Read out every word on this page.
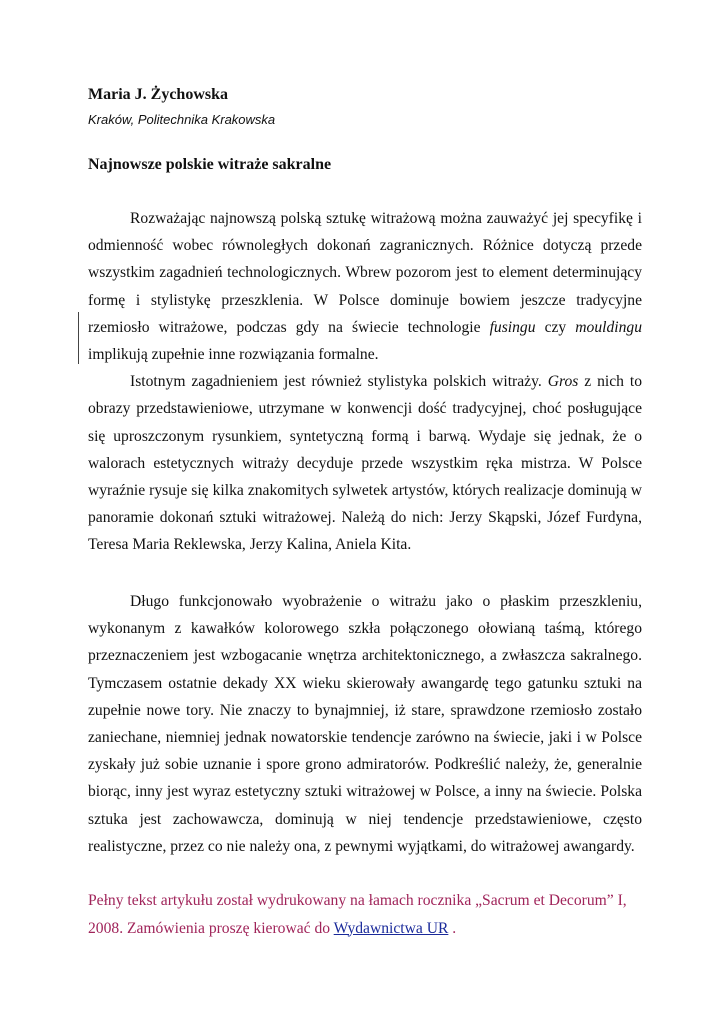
Maria J. Żychowska

Kraków, Politechnika Krakowska

Najnowsze polskie witraże sakralne

Rozważając najnowszą polską sztukę witrażową można zauważyć jej specyfikę i odmienność wobec równoległych dokonań zagranicznych. Różnice dotyczą przede wszystkim zagadnień technologicznych. Wbrew pozorom jest to element determinujący formę i stylistykę przeszklenia. W Polsce dominuje bowiem jeszcze tradycyjne rzemiosło witrażowe, podczas gdy na świecie technologie fusingu czy mouldingu implikują zupełnie inne rozwiązania formalne.

Istotnym zagadnieniem jest również stylistyka polskich witraży. Gros z nich to obrazy przedstawieniowe, utrzymane w konwencji dość tradycyjnej, choć posługujące się uproszczonym rysunkiem, syntetyczną formą i barwą. Wydaje się jednak, że o walorach estetycznych witraży decyduje przede wszystkim ręka mistrza. W Polsce wyraźnie rysuje się kilka znakomitych sylwetek artystów, których realizacje dominują w panoramie dokonań sztuki witrażowej. Należą do nich: Jerzy Skąpski, Józef Furdyna, Teresa Maria Reklewska, Jerzy Kalina, Aniela Kita.

Długo funkcjonowało wyobrażenie o witrażu jako o płaskim przeszkleniu, wykonanym z kawałków kolorowego szkła połączonego ołowianą taśmą, którego przeznaczeniem jest wzbogacanie wnętrza architektonicznego, a zwłaszcza sakralnego. Tymczasem ostatnie dekady XX wieku skierowały awangardę tego gatunku sztuki na zupełnie nowe tory. Nie znaczy to bynajmniej, iż stare, sprawdzone rzemiosło zostało zaniechane, niemniej jednak nowatorskie tendencje zarówno na świecie, jaki i w Polsce zyskały już sobie uznanie i spore grono admiratorów. Podkreślić należy, że, generalnie biorąc, inny jest wyraz estetyczny sztuki witrażowej w Polsce, a inny na świecie. Polska sztuka jest zachowawcza, dominują w niej tendencje przedstawieniowe, często realistyczne, przez co nie należy ona, z pewnymi wyjątkami, do witrażowej awangardy.

Pełny tekst artykułu został wydrukowany na łamach rocznika „Sacrum et Decorum” I, 2008. Zamówienia proszę kierować do Wydawnictwa UR .
